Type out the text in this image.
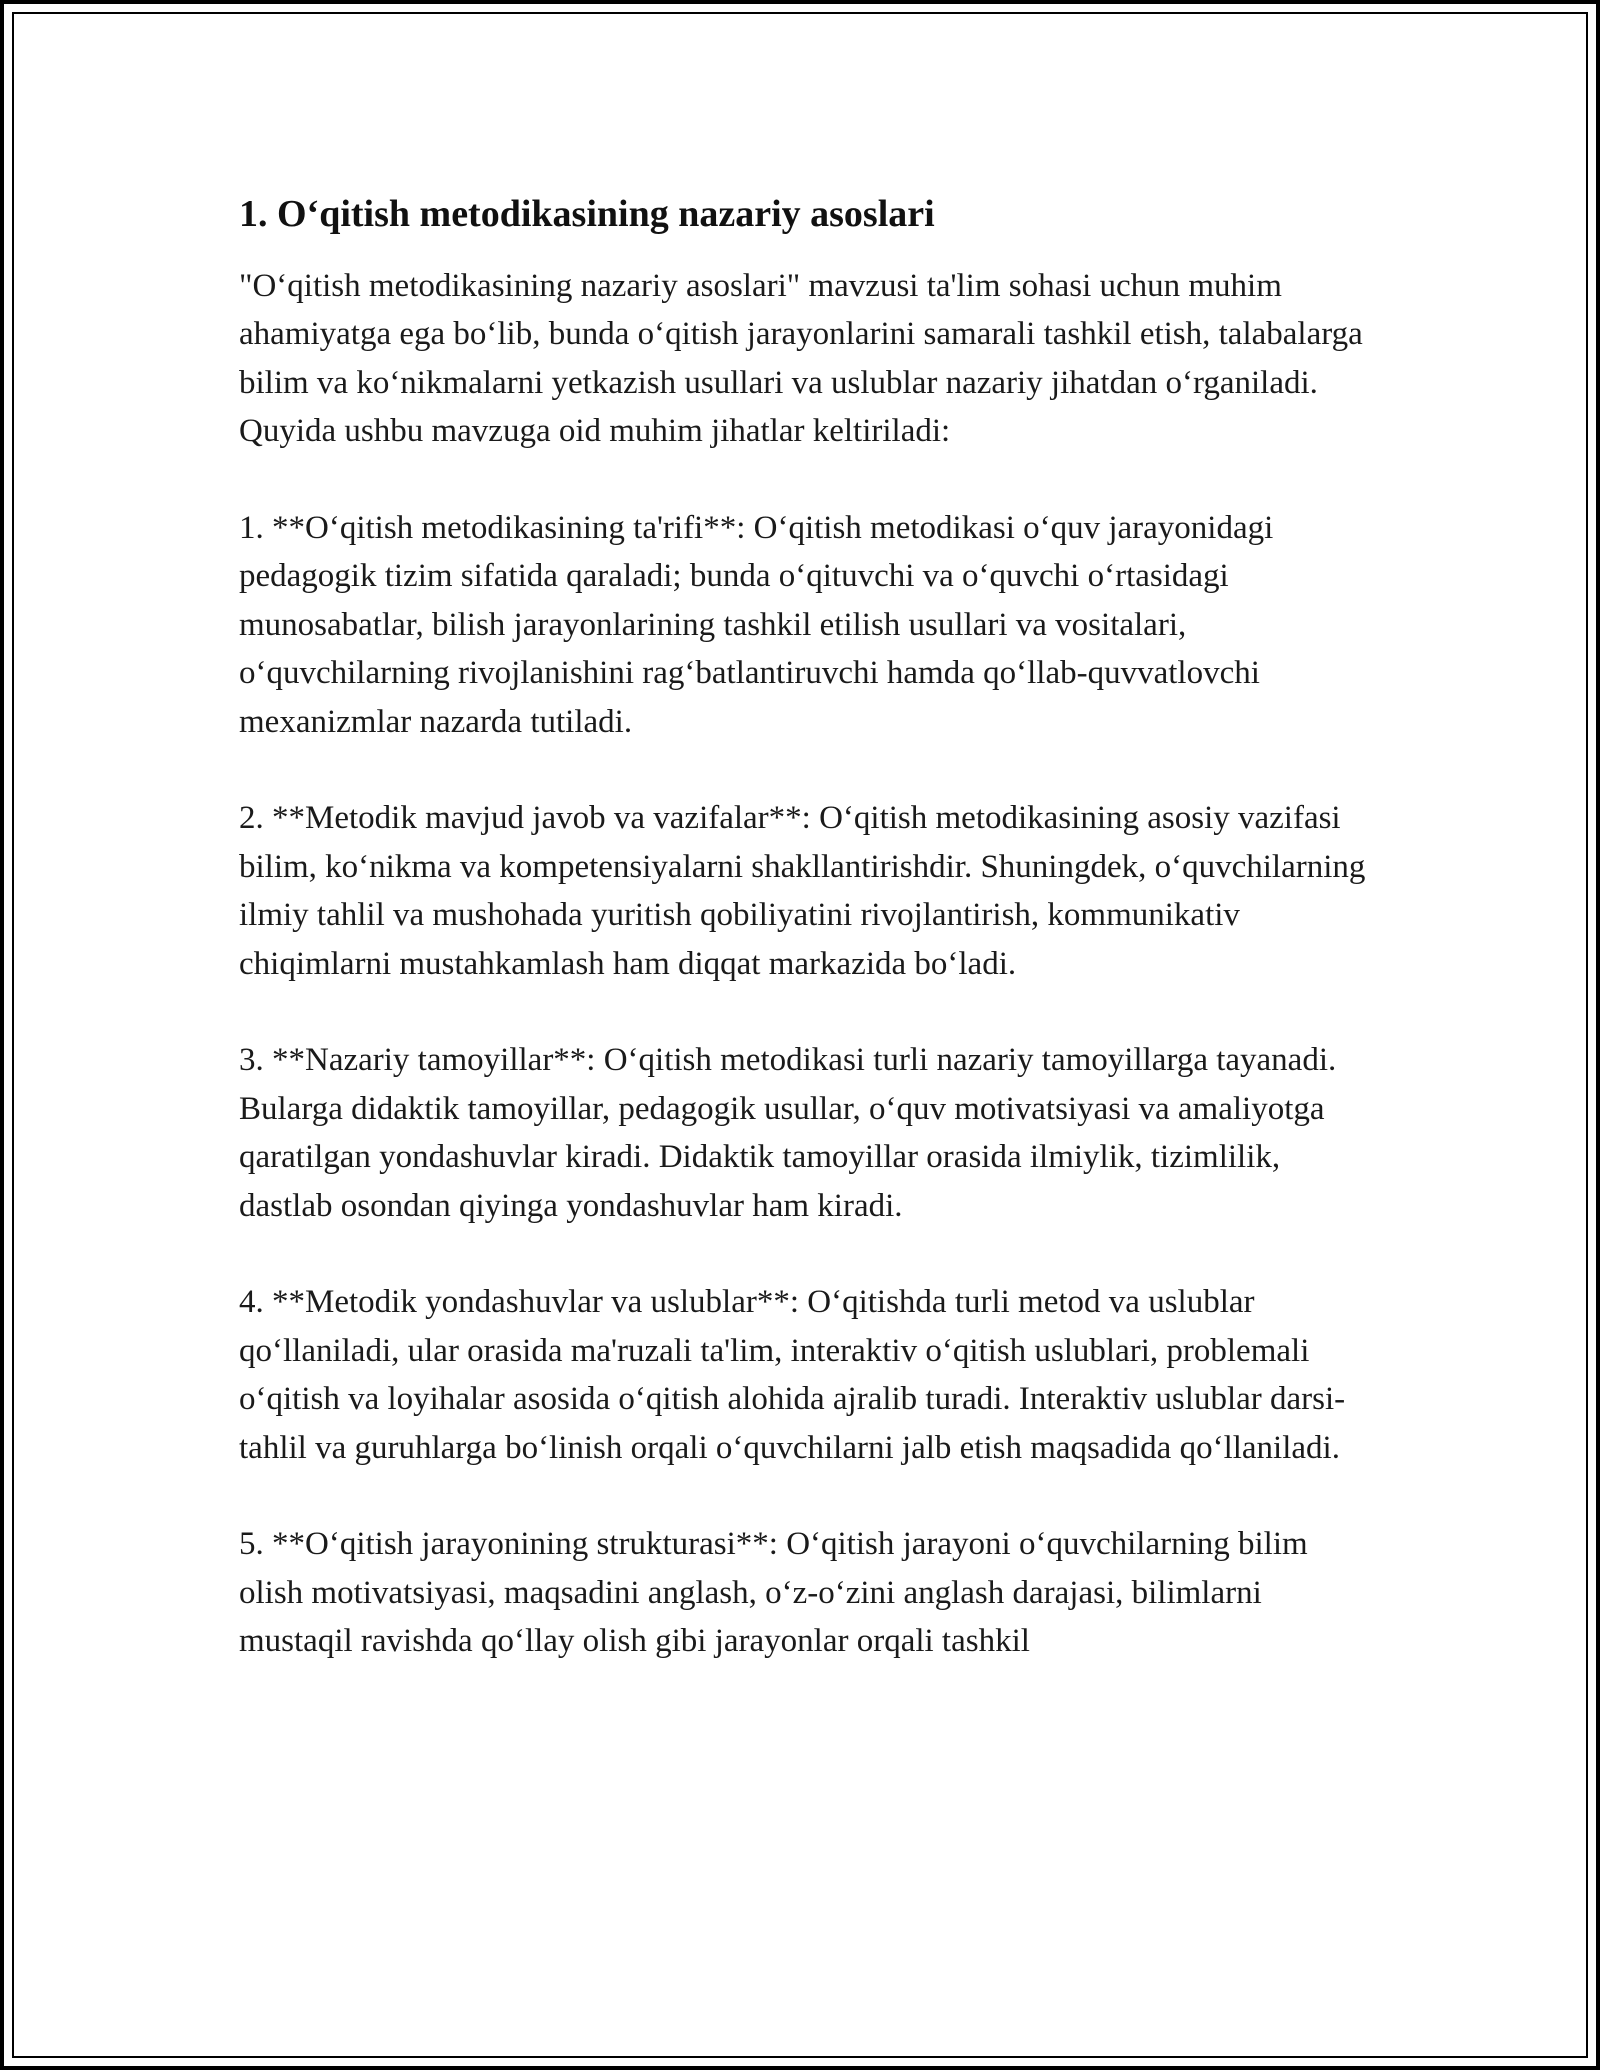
1. Oʻqitish metodikasining nazariy asoslari

"Oʻqitish metodikasining nazariy asoslari" mavzusi ta'lim sohasi uchun muhim ahamiyatga ega boʻlib, bunda oʻqitish jarayonlarini samarali tashkil etish, talabalarga bilim va koʻnikmalarni yetkazish usullari va uslublar nazariy jihatdan oʻrganiladi. Quyida ushbu mavzuga oid muhim jihatlar keltiriladi:

1. **Oʻqitish metodikasining ta'rifi**: Oʻqitish metodikasi oʻquv jarayonidagi pedagogik tizim sifatida qaraladi; bunda oʻqituvchi va oʻquvchi oʻrtasidagi munosabatlar, bilish jarayonlarining tashkil etilish usullari va vositalari, oʻquvchilarning rivojlanishini ragʻbatlantiruvchi hamda qoʻllab-quvvatlovchi mexanizmlar nazarda tutiladi.

2. **Metodik mavjud javob va vazifalar**: Oʻqitish metodikasining asosiy vazifasi bilim, koʻnikma va kompetensiyalarni shakllantirishdir. Shuningdek, oʻquvchilarning ilmiy tahlil va mushohada yuritish qobiliyatini rivojlantirish, kommunikativ chiqimlarni mustahkamlash ham diqqat markazida boʻladi.

3. **Nazariy tamoyillar**: Oʻqitish metodikasi turli nazariy tamoyillarga tayanadi. Bularga didaktik tamoyillar, pedagogik usullar, oʻquv motivatsiyasi va amaliyotga qaratilgan yondashuvlar kiradi. Didaktik tamoyillar orasida ilmiylik, tizimlilik, dastlab osondan qiyinga yondashuvlar ham kiradi.

4. **Metodik yondashuvlar va uslublar**: Oʻqitishda turli metod va uslublar qoʻllaniladi, ular orasida ma'ruzali ta'lim, interaktiv oʻqitish uslublari, problemali oʻqitish va loyihalar asosida oʻqitish alohida ajralib turadi. Interaktiv uslublar darsi-tahlil va guruhlarga boʻlinish orqali oʻquvchilarni jalb etish maqsadida qoʻllaniladi.

5. **Oʻqitish jarayonining strukturasi**: Oʻqitish jarayoni oʻquvchilarning bilim olish motivatsiyasi, maqsadini anglash, oʻz-oʻzini anglash darajasi, bilimlarni mustaqil ravishda qoʻllay olish gibi jarayonlar orqali tashkil
